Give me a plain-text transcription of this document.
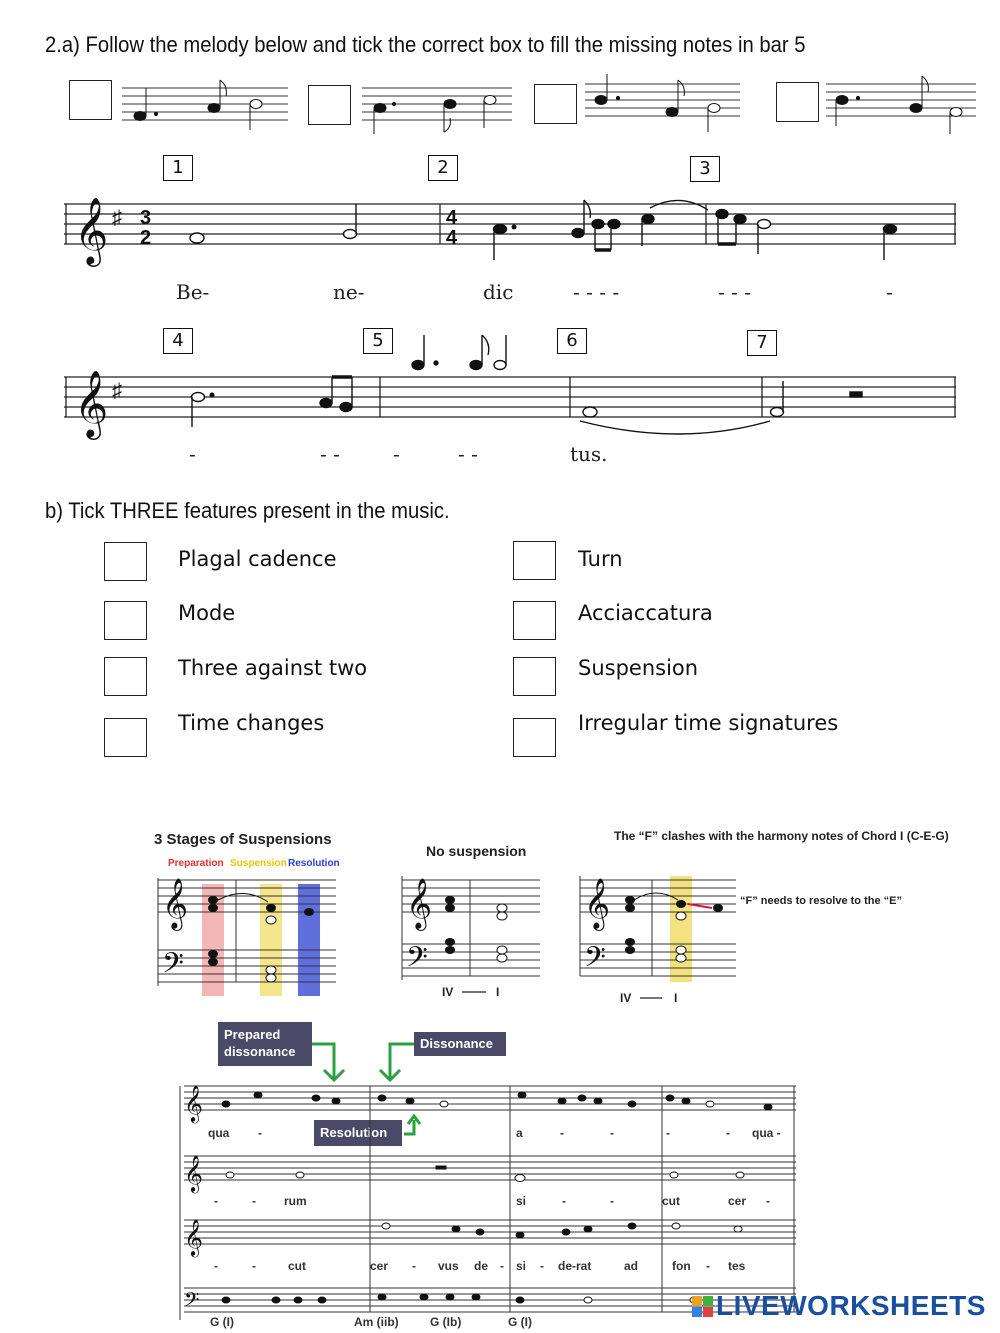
2.a) Follow the melody below and tick the correct box to fill the missing notes in bar 5
1	2	3
4	5	6	7
𝄞 ♯ 3
2
4
4
Be-	ne-	dic	- - - -	- - -	-
𝄞 ♯
-	- -	-	- -	tus.
b) Tick THREE features present in the music.
Plagal cadence
Mode
Three against two
Time changes
Turn
Acciaccatura
Suspension
Irregular time signatures
3 Stages of Suspensions
Preparation Suspension Resolution
𝄞
𝄢
No suspension
𝄞
𝄢
IV	I
The “F” clashes with the harmony notes of Chord I (C-E-G)
𝄞
𝄢
“F” needs to resolve to the “E”
IV	I
Prepared dissonance
Dissonance
Resolution
𝄞
𝄞
𝄞
𝄢
qua -	a	-	-	-	- qua -
-	- rum	si	-	-	cut	cer -
-	-	cut	cer - vus de - si - de-rat	ad	fon - tes
G (I)	Am (iib)	G (Ib)	G (I)
LIVEWORKSHEETS
